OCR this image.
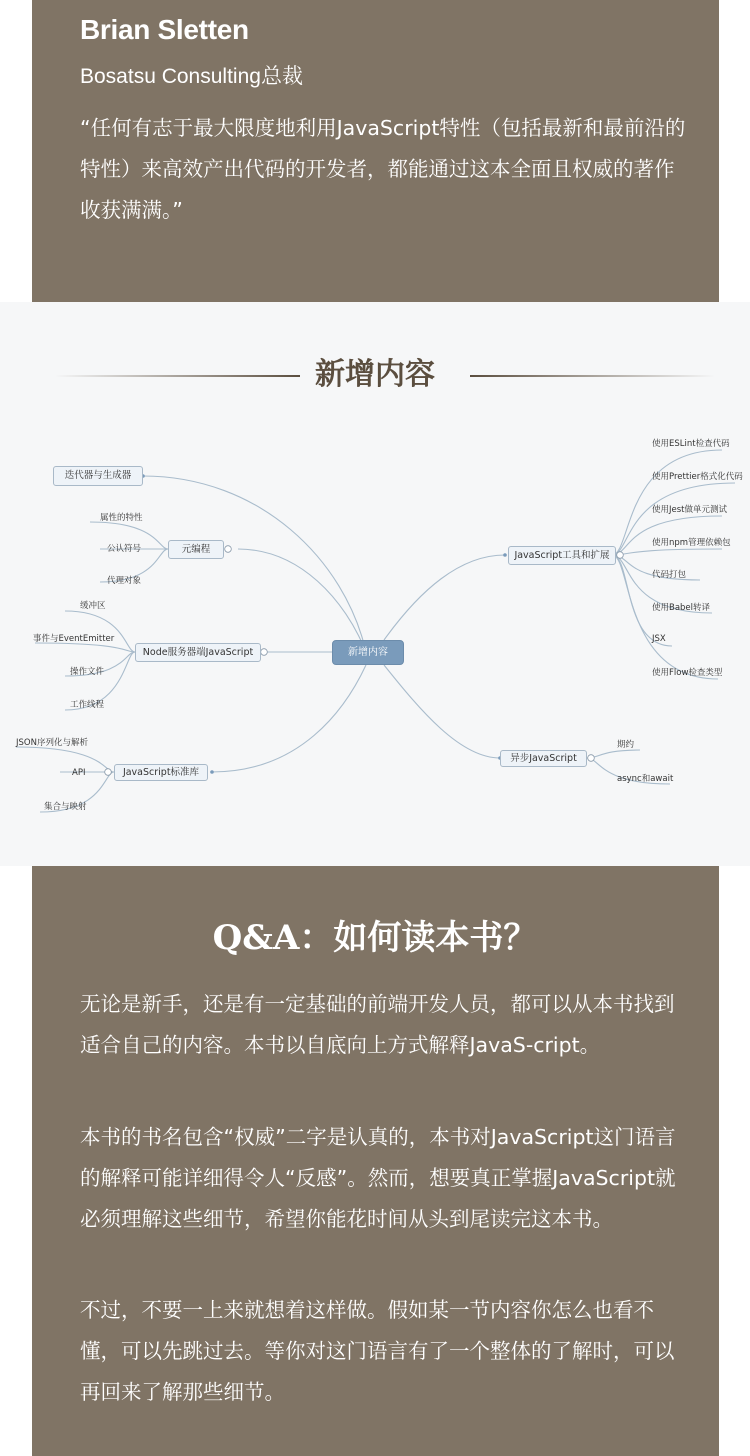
Brian Sletten
Bosatsu Consulting总裁
“任何有志于最大限度地利用JavaScript特性（包括最新和最前沿的特性）来高效产出代码的开发者，都能通过这本全面且权威的著作收获满满。”
新增内容
新增内容
迭代器与生成器
元编程
Node服务器端JavaScript
JavaScript标准库
JavaScript工具和扩展
异步JavaScript
属性的特性
公认符号
代理对象
缓冲区
事件与EventEmitter
操作文件
工作线程
JSON序列化与解析
API
集合与映射
使用ESLint检查代码
使用Prettier格式化代码
使用Jest做单元测试
使用npm管理依赖包
代码打包
使用Babel转译
JSX
使用Flow检查类型
期约
async和await
Q&A：如何读本书？

无论是新手，还是有一定基础的前端开发人员，都可以从本书找到适合自己的内容。本书以自底向上方式解释JavaS-cript。

本书的书名包含“权威”二字是认真的，本书对JavaScript这门语言的解释可能详细得令人“反感”。然而，想要真正掌握JavaScript就必须理解这些细节，希望你能花时间从头到尾读完这本书。

不过，不要一上来就想着这样做。假如某一节内容你怎么也看不懂，可以先跳过去。等你对这门语言有了一个整体的了解时，可以再回来了解那些细节。
